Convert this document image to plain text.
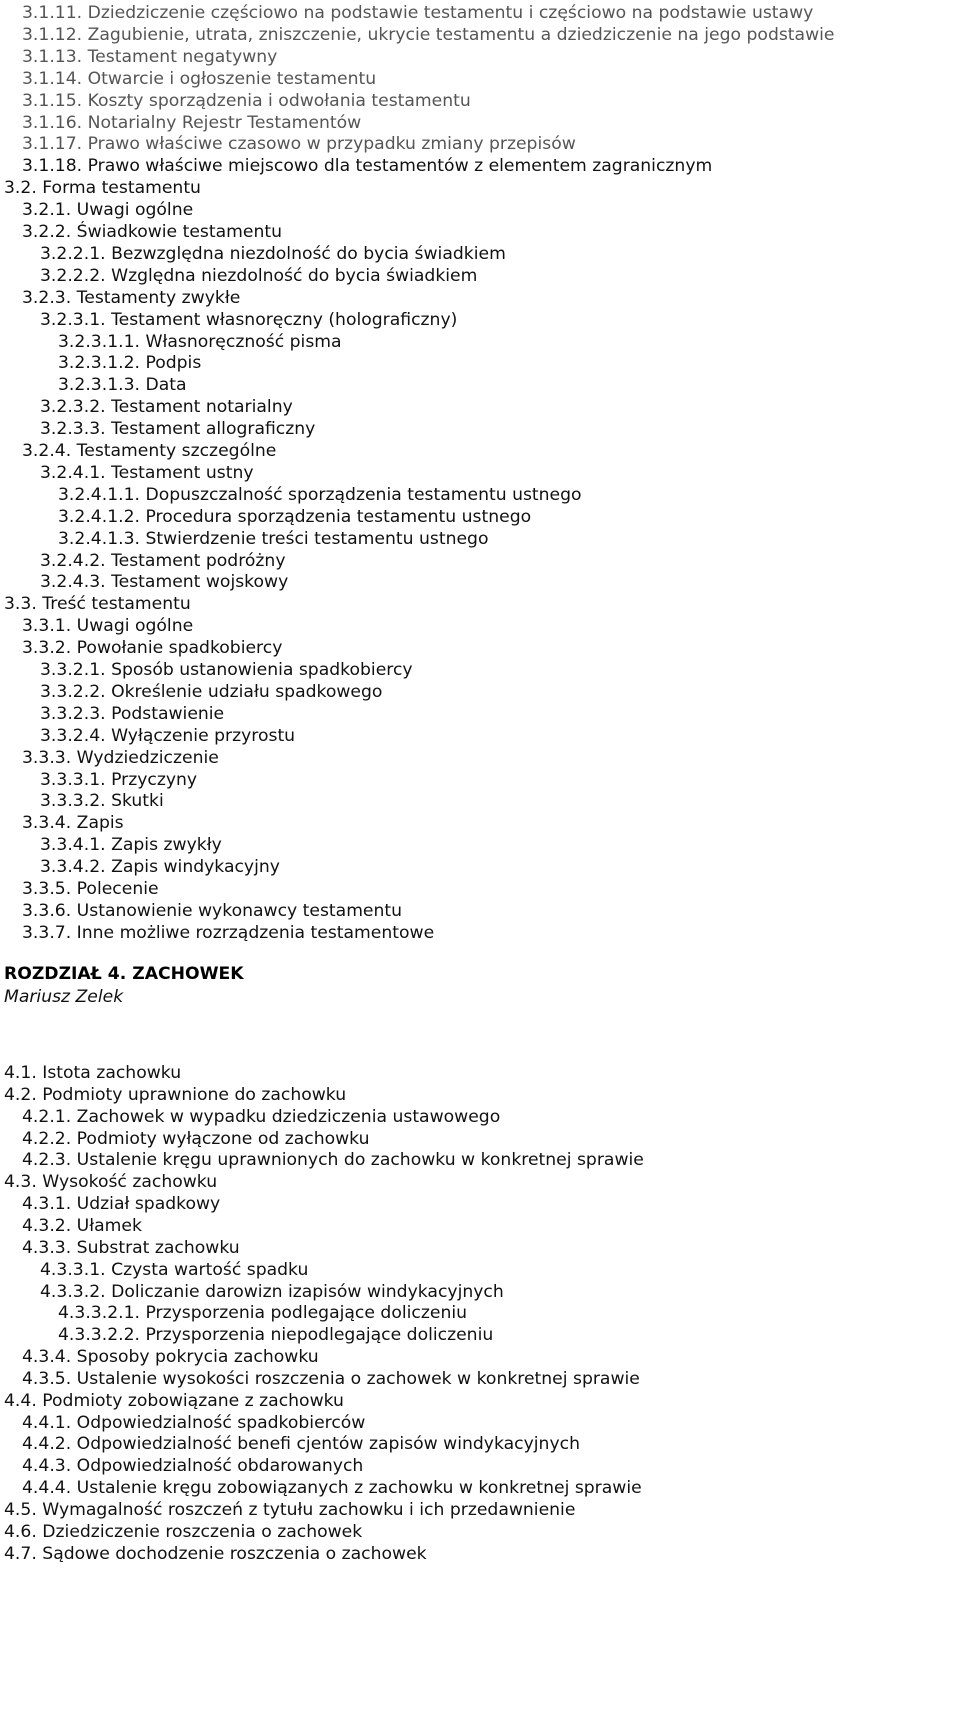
3.1.11. Dziedziczenie częściowo na podstawie testamentu i częściowo na podstawie ustawy
3.1.12. Zagubienie, utrata, zniszczenie, ukrycie testamentu a dziedziczenie na jego podstawie
3.1.13. Testament negatywny
3.1.14. Otwarcie i ogłoszenie testamentu
3.1.15. Koszty sporządzenia i odwołania testamentu
3.1.16. Notarialny Rejestr Testamentów
3.1.17. Prawo właściwe czasowo w przypadku zmiany przepisów
3.1.18. Prawo właściwe miejscowo dla testamentów z elementem zagranicznym
3.2. Forma testamentu
3.2.1. Uwagi ogólne
3.2.2. Świadkowie testamentu
3.2.2.1. Bezwzględna niezdolność do bycia świadkiem
3.2.2.2. Względna niezdolność do bycia świadkiem
3.2.3. Testamenty zwykłe
3.2.3.1. Testament własnoręczny (holograficzny)
3.2.3.1.1. Własnoręczność pisma
3.2.3.1.2. Podpis
3.2.3.1.3. Data
3.2.3.2. Testament notarialny
3.2.3.3. Testament allograficzny
3.2.4. Testamenty szczególne
3.2.4.1. Testament ustny
3.2.4.1.1. Dopuszczalność sporządzenia testamentu ustnego
3.2.4.1.2. Procedura sporządzenia testamentu ustnego
3.2.4.1.3. Stwierdzenie treści testamentu ustnego
3.2.4.2. Testament podróżny
3.2.4.3. Testament wojskowy
3.3. Treść testamentu
3.3.1. Uwagi ogólne
3.3.2. Powołanie spadkobiercy
3.3.2.1. Sposób ustanowienia spadkobiercy
3.3.2.2. Określenie udziału spadkowego
3.3.2.3. Podstawienie
3.3.2.4. Wyłączenie przyrostu
3.3.3. Wydziedziczenie
3.3.3.1. Przyczyny
3.3.3.2. Skutki
3.3.4. Zapis
3.3.4.1. Zapis zwykły
3.3.4.2. Zapis windykacyjny
3.3.5. Polecenie
3.3.6. Ustanowienie wykonawcy testamentu
3.3.7. Inne możliwe rozrządzenia testamentowe
ROZDZIAŁ 4. ZACHOWEK
Mariusz Zelek
4.1. Istota zachowku
4.2. Podmioty uprawnione do zachowku
4.2.1. Zachowek w wypadku dziedziczenia ustawowego
4.2.2. Podmioty wyłączone od zachowku
4.2.3. Ustalenie kręgu uprawnionych do zachowku w konkretnej sprawie
4.3. Wysokość zachowku
4.3.1. Udział spadkowy
4.3.2. Ułamek
4.3.3. Substrat zachowku
4.3.3.1. Czysta wartość spadku
4.3.3.2. Doliczanie darowizn izapisów windykacyjnych
4.3.3.2.1. Przysporzenia podlegające doliczeniu
4.3.3.2.2. Przysporzenia niepodlegające doliczeniu
4.3.4. Sposoby pokrycia zachowku
4.3.5. Ustalenie wysokości roszczenia o zachowek w konkretnej sprawie
4.4. Podmioty zobowiązane z zachowku
4.4.1. Odpowiedzialność spadkobierców
4.4.2. Odpowiedzialność benefi cjentów zapisów windykacyjnych
4.4.3. Odpowiedzialność obdarowanych
4.4.4. Ustalenie kręgu zobowiązanych z zachowku w konkretnej sprawie
4.5. Wymagalność roszczeń z tytułu zachowku i ich przedawnienie
4.6. Dziedziczenie roszczenia o zachowek
4.7. Sądowe dochodzenie roszczenia o zachowek
